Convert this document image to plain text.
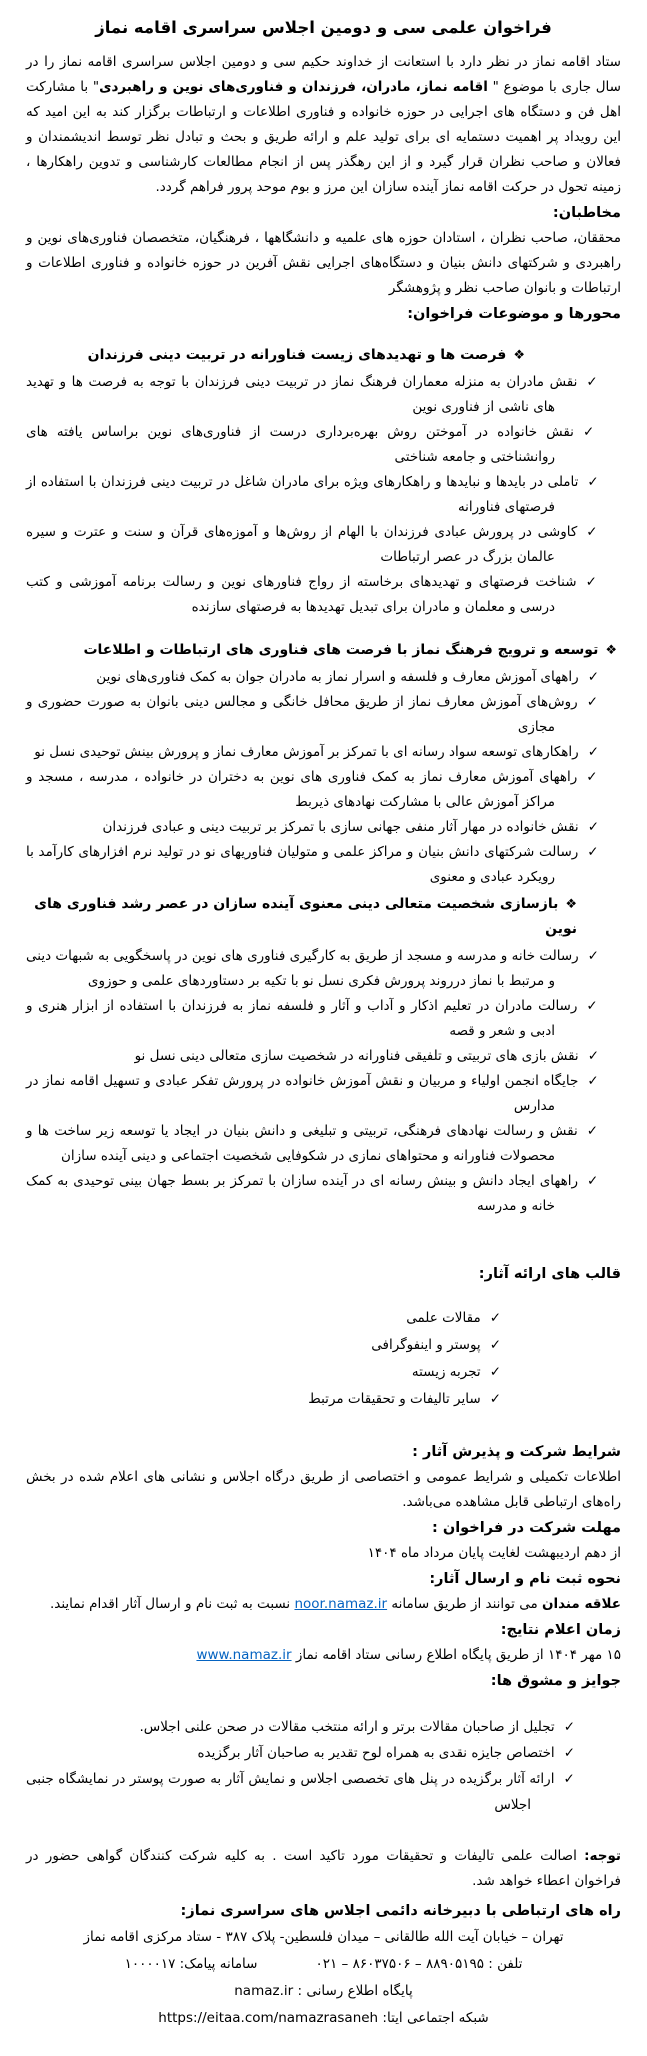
فراخوان علمی سی و دومین اجلاس سراسری اقامه نماز

ستاد اقامه نماز در نظر دارد با استعانت از خداوند حکیم سی و دومین اجلاس سراسری اقامه نماز را در سال جاری با موضوع " اقامه نماز، مادران، فرزندان و فناوری‌های نوین و راهبردی" با مشارکت اهل فن و دستگاه های اجرایی در حوزه خانواده و فناوری اطلاعات و ارتباطات برگزار کند به این امید که این رویداد پر اهمیت دستمایه ای برای تولید علم و ارائه طریق و بحث و تبادل نظر توسط اندیشمندان و فعالان و صاحب نظران قرار گیرد و از این رهگذر پس از انجام مطالعات کارشناسی و تدوین راهکارها ، زمینه تحول در حرکت اقامه نماز آینده سازان این مرز و بوم موحد پرور فراهم گردد.

مخاطبان:

محققان، صاحب نظران ، استادان حوزه های علمیه و دانشگاهها ، فرهنگیان، متخصصان فناوری‌های نوین و راهبردی و شرکتهای دانش بنیان و دستگاه‌های اجرایی نقش آفرین در حوزه خانواده و فناوری اطلاعات و ارتباطات و بانوان صاحب نظر و پژوهشگر

محورها و موضوعات فراخوان:
❖فرصت ها و تهدیدهای زیست فناورانه در تربیت دینی فرزندان
✓نقش مادران به منزله معماران فرهنگ نماز در تربیت دینی فرزندان با توجه به فرصت ها و تهدید های ناشی از فناوری نوین
✓نقش خانواده در آموختن روش بهره‌برداری درست از فناوری‌های نوین براساس یافته های روانشناختی و جامعه شناختی
✓تاملی در بایدها و نبایدها و راهکارهای ویژه برای مادران شاغل در تربیت دینی فرزندان با استفاده از فرصتهای فناورانه
✓کاوشی در پرورش عبادی فرزندان با الهام از روش‌ها و آموزه‌های قرآن و سنت و عترت و سیره عالمان بزرگ در عصر ارتباطات
✓شناخت فرصتهای و تهدیدهای برخاسته از رواج فناورهای نوین و رسالت برنامه آموزشی و کتب درسی و معلمان و مادران برای تبدیل تهدیدها به فرصتهای سازنده
❖توسعه و ترویج فرهنگ نماز با فرصت های فناوری های ارتباطات و اطلاعات
✓راههای آموزش معارف و فلسفه و اسرار نماز به مادران جوان به کمک فناوری‌های نوین
✓روش‌های آموزش معارف نماز از طریق محافل خانگی و مجالس دینی بانوان به صورت حضوری و مجازی
✓راهکارهای توسعه سواد رسانه ای با تمرکز بر آموزش معارف نماز و پرورش بینش توحیدی نسل نو
✓راههای آموزش معارف نماز به کمک فناوری های نوین به دختران در خانواده ، مدرسه ، مسجد و مراکز آموزش عالی با مشارکت نهادهای ذیربط
✓نقش خانواده در مهار آثار منفی جهانی سازی با تمرکز بر تربیت دینی و عبادی فرزندان
✓رسالت شرکتهای دانش بنیان و مراکز علمی و متولیان فناوریهای نو در تولید نرم افزارهای کارآمد با رویکرد عبادی و معنوی
❖بازسازی شخصیت متعالی دینی معنوی آینده سازان در عصر رشد فناوری های نوین
✓رسالت خانه و مدرسه و مسجد از طریق به کارگیری فناوری های نوین در پاسخگویی به شبهات دینی و مرتبط با نماز درروند پرورش فکری نسل نو با تکیه بر دستاوردهای علمی و حوزوی
✓رسالت مادران در تعلیم اذکار و آداب و آثار و فلسفه نماز به فرزندان با استفاده از ابزار هنری و ادبی و شعر و قصه
✓نقش بازی های تربیتی و تلفیقی فناورانه در شخصیت سازی متعالی دینی نسل نو
✓جایگاه انجمن اولیاء و مربیان و نقش آموزش خانواده در پرورش تفکر عبادی و تسهیل اقامه نماز در مدارس
✓نقش و رسالت نهادهای فرهنگی، تربیتی و تبلیغی و دانش بنیان در ایجاد یا توسعه زیر ساخت ها و محصولات فناورانه و محتواهای نمازی در شکوفایی شخصیت اجتماعی و دینی آینده سازان
✓راههای ایجاد دانش و بینش رسانه ای در آینده سازان با تمرکز بر بسط جهان بینی توحیدی به کمک خانه و مدرسه
قالب های ارائه آثار:
✓مقالات علمی
✓پوستر و اینفوگرافی
✓تجربه زیسته
✓سایر تالیفات و تحقیقات مرتبط
شرایط شرکت و پذیرش آثار :

اطلاعات تکمیلی و شرایط عمومی و اختصاصی از طریق درگاه اجلاس و نشانی های اعلام شده در بخش راه‌های ارتباطی قابل مشاهده می‌باشد.

مهلت شرکت در فراخوان :

از دهم اردیبهشت لغایت پایان مرداد ماه ۱۴۰۴

نحوه ثبت نام و ارسال آثار:

علاقه مندان می توانند از طریق سامانه noor.namaz.ir نسبت به ثبت نام و ارسال آثار اقدام نمایند.

زمان اعلام نتایج:

۱۵ مهر ۱۴۰۴ از طریق پایگاه اطلاع رسانی ستاد اقامه نماز www.namaz.ir

جوایز و مشوق ها:
✓تجلیل از صاحبان مقالات برتر و ارائه منتخب مقالات در صحن علنی اجلاس.
✓اختصاص جایزه نقدی به همراه لوح تقدیر به صاحبان آثار برگزیده
✓ارائه آثار برگزیده در پنل های تخصصی اجلاس و نمایش آثار به صورت پوستر در نمایشگاه جنبی اجلاس

توجه: اصالت علمی تالیفات و تحقیقات مورد تاکید است . به کلیه شرکت کنندگان گواهی حضور در فراخوان اعطاء خواهد شد.

راه های ارتباطی با دبیرخانه دائمی اجلاس های سراسری نماز:
تهران – خیابان آیت الله طالقانی – میدان فلسطین- پلاک ۳۸۷ - ستاد مرکزی اقامه نماز
تلفن : ۸۸۹۰۵۱۹۵ – ۸۶۰۳۷۵۰۶ – ۰۲۱سامانه پیامک: ۱۰۰۰۰۱۷
پایگاه اطلاع رسانی : namaz.ir
شبکه اجتماعی ایتا: https://eitaa.com/namazrasaneh
